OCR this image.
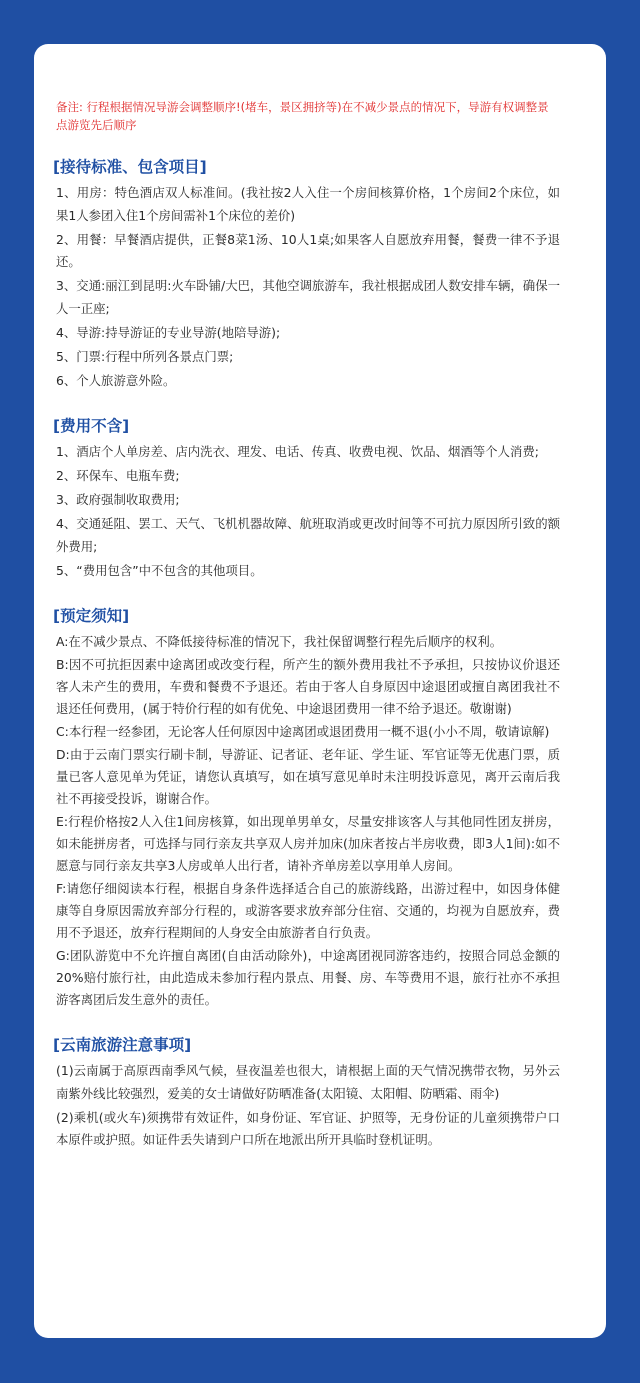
备注: 行程根据情况导游会调整顺序!(堵车，景区拥挤等)在不减少景点的情况下，导游有权调整景点游览先后顺序

[接待标准、包含项目]

1、用房：特色酒店双人标准间。(我社按2人入住一个房间核算价格，1个房间2个床位，如果1人参团入住1个房间需补1个床位的差价)

2、用餐：早餐酒店提供，正餐8菜1汤、10人1桌;如果客人自愿放弃用餐，餐费一律不予退还。

3、交通:丽江到昆明:火车卧铺/大巴，其他空调旅游车，我社根据成团人数安排车辆，确保一人一正座;

4、导游:持导游证的专业导游(地陪导游);

5、门票:行程中所列各景点门票;

6、个人旅游意外险。

[费用不含]

1、酒店个人单房差、店内洗衣、理发、电话、传真、收费电视、饮品、烟酒等个人消费;

2、环保车、电瓶车费;

3、政府强制收取费用;

4、交通延阻、罢工、天气、飞机机器故障、航班取消或更改时间等不可抗力原因所引致的额外费用;

5、“费用包含”中不包含的其他项目。

[预定须知]

A:在不减少景点、不降低接待标准的情况下，我社保留调整行程先后顺序的权利。

B:因不可抗拒因素中途离团或改变行程，所产生的额外费用我社不予承担，只按协议价退还客人未产生的费用，车费和餐费不予退还。若由于客人自身原因中途退团或擅自离团我社不退还任何费用，(属于特价行程的如有优免、中途退团费用一律不给予退还。敬谢谢)

C:本行程一经参团，无论客人任何原因中途离团或退团费用一概不退(小小不周，敬请谅解)

D:由于云南门票实行刷卡制，导游证、记者证、老年证、学生证、军官证等无优惠门票，质量已客人意见单为凭证，请您认真填写，如在填写意见单时未注明投诉意见，离开云南后我社不再接受投诉，谢谢合作。

E:行程价格按2人入住1间房核算，如出现单男单女，尽量安排该客人与其他同性团友拼房，如未能拼房者，可选择与同行亲友共享双人房并加床(加床者按占半房收费，即3人1间):如不愿意与同行亲友共享3人房或单人出行者，请补齐单房差以享用单人房间。

F:请您仔细阅读本行程，根据自身条件选择适合自己的旅游线路，出游过程中，如因身体健康等自身原因需放弃部分行程的，或游客要求放弃部分住宿、交通的，均视为自愿放弃，费用不予退还，放弃行程期间的人身安全由旅游者自行负责。

G:团队游览中不允许擅自离团(自由活动除外)，中途离团视同游客违约，按照合同总金额的20%赔付旅行社，由此造成未参加行程内景点、用餐、房、车等费用不退，旅行社亦不承担游客离团后发生意外的责任。

[云南旅游注意事项]

(1)云南属于高原西南季风气候，昼夜温差也很大，请根据上面的天气情况携带衣物，另外云南紫外线比较强烈，爱美的女士请做好防晒准备(太阳镜、太阳帽、防晒霜、雨伞)

(2)乘机(或火车)须携带有效证件，如身份证、军官证、护照等，无身份证的儿童须携带户口本原件或护照。如证件丢失请到户口所在地派出所开具临时登机证明。
